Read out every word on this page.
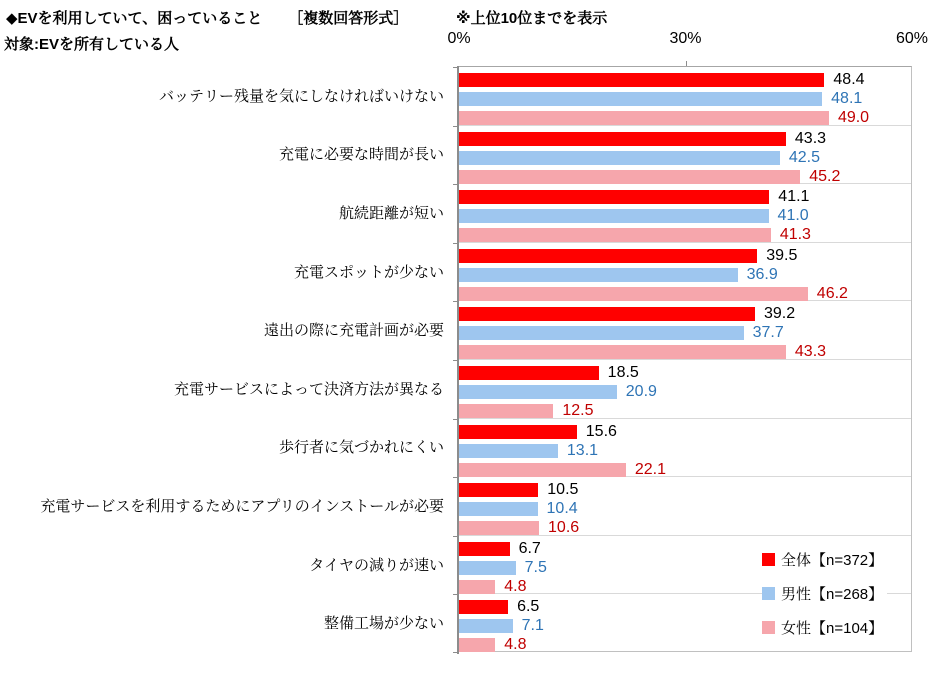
◆EVを利用していて、困っていること ［複数回答形式］
対象:EVを所有している人
※上位10位までを表示
0%	30%	60%
バッテリー残量を気にしなければいけない
充電に必要な時間が長い
航続距離が短い
充電スポットが少ない
遠出の際に充電計画が必要
充電サービスによって決済方法が異なる
歩行者に気づかれにくい
充電サービスを利用するためにアプリのインストールが必要
タイヤの減りが速い
整備工場が少ない
48.4
48.1
49.0
43.3
42.5
45.2
41.1
41.0
41.3
39.5
36.9
46.2
39.2
37.7
43.3
18.5
20.9
12.5
15.6
13.1
22.1
10.5
10.4
10.6
6.7
7.5
4.8
6.5
7.1
4.8
全体【n=372】
男性【n=268】
女性【n=104】
